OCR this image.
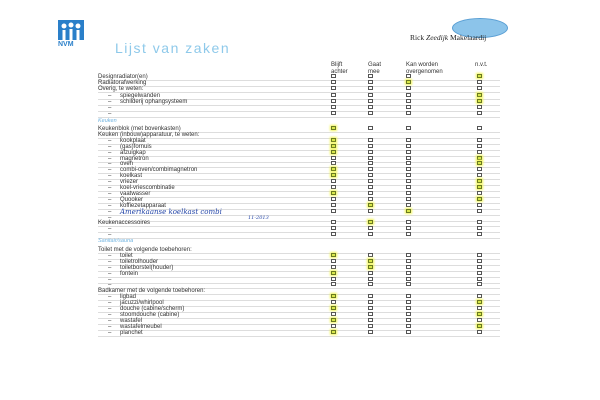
NVM	Lijst van zaken
Rick Zeedijk Makelaardij
Blijft achter
Gaat mee
Kan worden overgenomen
n.v.t.
Designradiator(en)
Radiatorafwerking
Overig, te weten:
– spiegelwanden
– schilderij ophangsysteem
–
–
Keuken
Keukenblok (met bovenkasten)
Keuken (inbouw)apparatuur, te weten:
– kookplaat
– (gas)fornuis
– afzuigkap
– magnetron
– oven
– combi-oven/combimagnetron
– koelkast
– vriezer
– koel-vriescombinatie
– vaatwasser
– Quooker
– koffiezetapparaat
– Amerikaanse koelkast combi
–	11-2013
Keukenaccessoires
–
–
Sanitair/sauna
Toilet met de volgende toebehoren:
– toilet
– toiletrolhouder
– toiletborstel(houder)
– fontein
–
–
Badkamer met de volgende toebehoren:
– ligbad
– jacuzzi/whirlpool
– douche (cabine/scherm)
– stoomdouche (cabine)
– wastafel
– wastafelmeubel
– planchet
